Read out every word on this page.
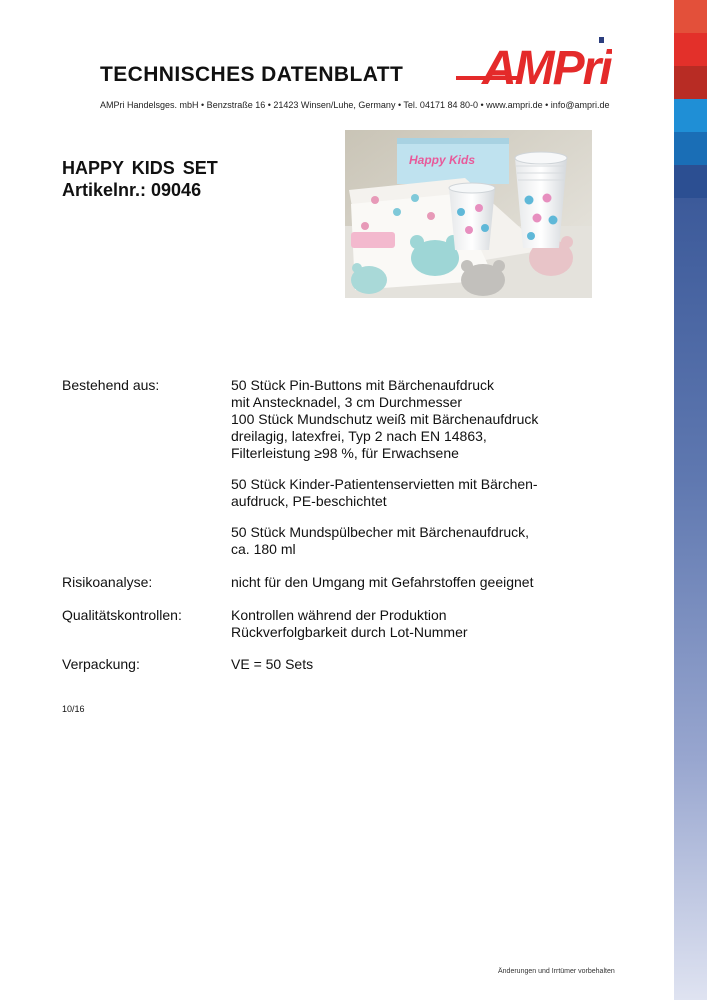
TECHNISCHES DATENBLATT AMPri
AMPri Handelsges. mbH • Benzstraße 16 • 21423 Winsen/Luhe, Germany • Tel. 04171 84 80-0 • www.ampri.de • info@ampri.de
HAPPY KIDS SET
Artikelnr.: 09046
Happy Kids
Bestehend aus:	50 Stück Pin-Buttons mit Bärchenaufdruck
mit Anstecknadel, 3 cm Durchmesser
100 Stück Mundschutz weiß mit Bärchenaufdruck
dreilagig, latexfrei, Typ 2 nach EN 14863,
Filterleistung ≥98 %, für Erwachsene
50 Stück Kinder-Patientenservietten mit Bärchen-
aufdruck, PE-beschichtet
50 Stück Mundspülbecher mit Bärchenaufdruck,
ca. 180 ml
Risikoanalyse:	nicht für den Umgang mit Gefahrstoffen geeignet
Qualitätskontrollen:	Kontrollen während der Produktion
Rückverfolgbarkeit durch Lot-Nummer
Verpackung:	VE = 50 Sets
10/16
Änderungen und Irrtümer vorbehalten
